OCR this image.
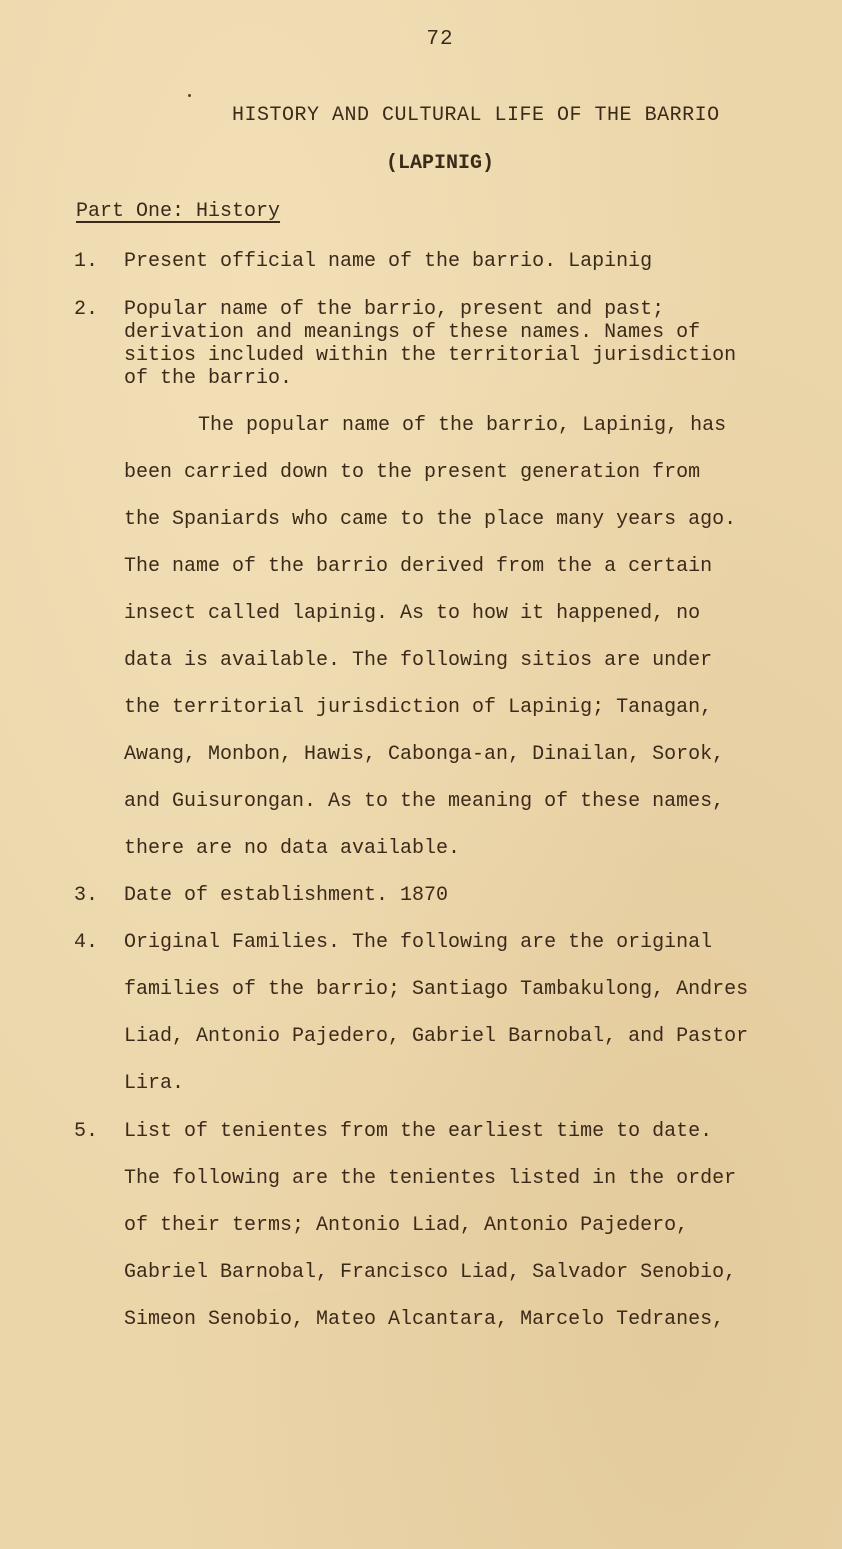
72
HISTORY AND CULTURAL LIFE OF THE BARRIO
(LAPINIG)
Part One: History
1. Present official name of the barrio. Lapinig
2. Popular name of the barrio, present and past;
derivation and meanings of these names. Names of
sitios included within the territorial jurisdiction
of the barrio.
The popular name of the barrio, Lapinig, has
been carried down to the present generation from
the Spaniards who came to the place many years ago.
The name of the barrio derived from the a certain
insect called lapinig. As to how it happened, no
data is available. The following sitios are under
the territorial jurisdiction of Lapinig; Tanagan,
Awang, Monbon, Hawis, Cabonga-an, Dinailan, Sorok,
and Guisurongan. As to the meaning of these names,
there are no data available.
3. Date of establishment. 1870
4. Original Families. The following are the original
families of the barrio; Santiago Tambakulong, Andres
Liad, Antonio Pajedero, Gabriel Barnobal, and Pastor
Lira.
5. List of tenientes from the earliest time to date.
The following are the tenientes listed in the order
of their terms; Antonio Liad, Antonio Pajedero,
Gabriel Barnobal, Francisco Liad, Salvador Senobio,
Simeon Senobio, Mateo Alcantara, Marcelo Tedranes,
